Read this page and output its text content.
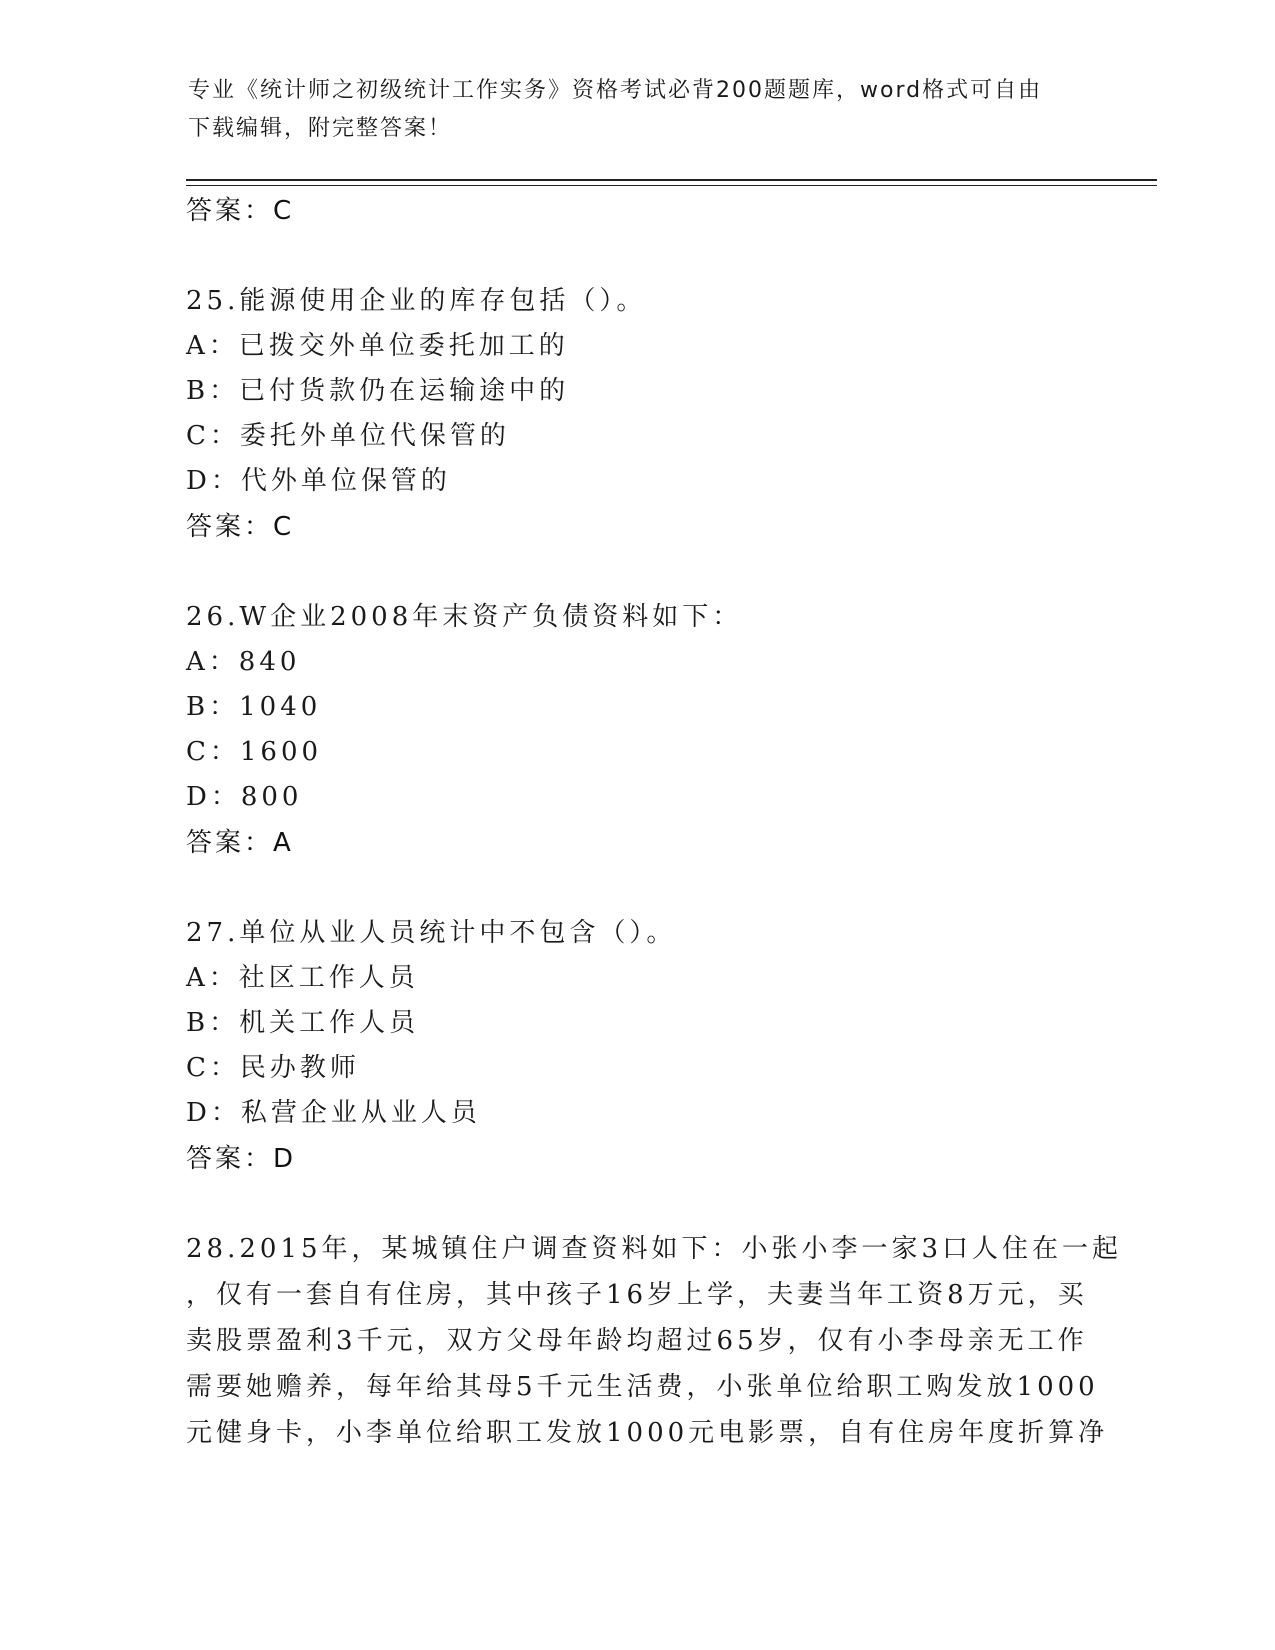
专业《统计师之初级统计工作实务》资格考试必背200题题库，word格式可自由
下载编辑，附完整答案！
答案：C
25.能源使用企业的库存包括（）。
A：已拨交外单位委托加工的
B：已付货款仍在运输途中的
C：委托外单位代保管的
D：代外单位保管的
答案：C
26.W企业2008年末资产负债资料如下：
A：840
B：1040
C：1600
D：800
答案：A
27.单位从业人员统计中不包含（）。
A：社区工作人员
B：机关工作人员
C：民办教师
D：私营企业从业人员
答案：D
28.2015年，某城镇住户调查资料如下：小张小李一家3口人住在一起
，仅有一套自有住房，其中孩子16岁上学，夫妻当年工资8万元，买
卖股票盈利3千元，双方父母年龄均超过65岁，仅有小李母亲无工作
需要她赡养，每年给其母5千元生活费，小张单位给职工购发放1000
元健身卡，小李单位给职工发放1000元电影票，自有住房年度折算净
